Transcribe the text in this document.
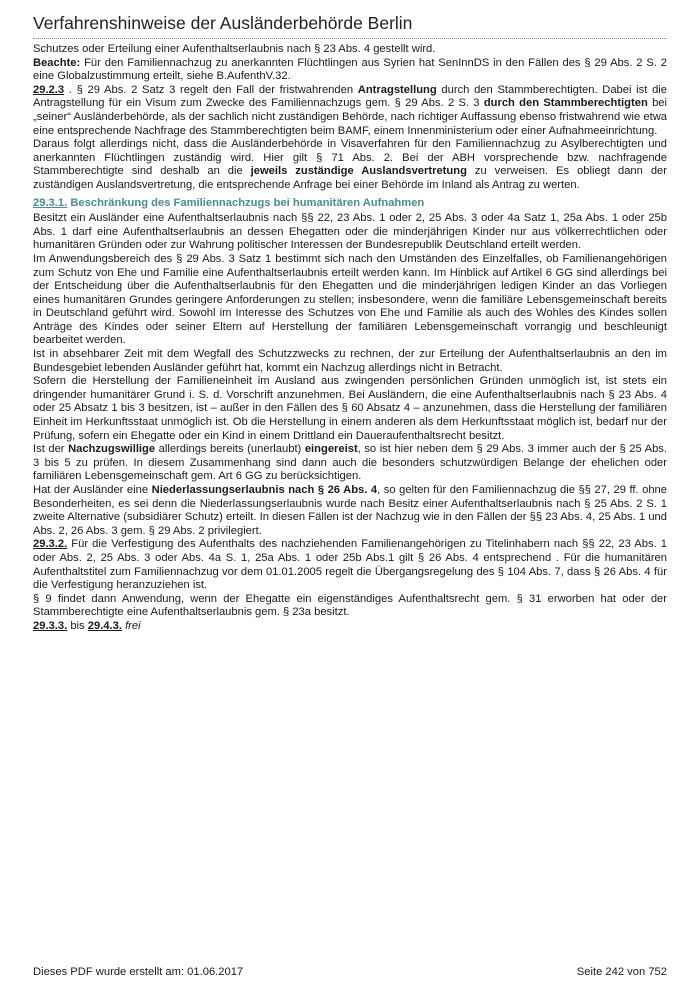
Verfahrenshinweise der Ausländerbehörde Berlin

Schutzes oder Erteilung einer Aufenthaltserlaubnis nach § 23 Abs. 4 gestellt wird.

Beachte: Für den Familiennachzug zu anerkannten Flüchtlingen aus Syrien hat SenInnDS in den Fällen des § 29 Abs. 2 S. 2 eine Globalzustimmung erteilt, siehe B.AufenthV.32.

29.2.3 . § 29 Abs. 2 Satz 3 regelt den Fall der fristwahrenden Antragstellung durch den Stammberechtigten. Dabei ist die Antragstellung für ein Visum zum Zwecke des Familiennachzugs gem. § 29 Abs. 2 S. 3 durch den Stammberechtigten bei „seiner“ Ausländerbehörde, als der sachlich nicht zuständigen Behörde, nach richtiger Auffassung ebenso fristwahrend wie etwa eine entsprechende Nachfrage des Stammberechtigten beim BAMF, einem Innenministerium oder einer Aufnahmeeinrichtung.

Daraus folgt allerdings nicht, dass die Ausländerbehörde in Visaverfahren für den Familiennachzug zu Asylberechtigten und anerkannten Flüchtlingen zuständig wird. Hier gilt § 71 Abs. 2. Bei der ABH vorsprechende bzw. nachfragende Stammberechtigte sind deshalb an die jeweils zuständige Auslandsvertretung zu verweisen. Es obliegt dann der zuständigen Auslandsvertretung, die entsprechende Anfrage bei einer Behörde im Inland als Antrag zu werten.

29.3.1. Beschränkung des Familiennachzugs bei humanitären Aufnahmen

Besitzt ein Ausländer eine Aufenthaltserlaubnis nach §§ 22, 23 Abs. 1 oder 2, 25 Abs. 3 oder 4a Satz 1, 25a Abs. 1 oder 25b Abs. 1 darf eine Aufenthaltserlaubnis an dessen Ehegatten oder die minderjährigen Kinder nur aus völkerrechtlichen oder humanitären Gründen oder zur Wahrung politischer Interessen der Bundesrepublik Deutschland erteilt werden.

Im Anwendungsbereich des § 29 Abs. 3 Satz 1 bestimmt sich nach den Umständen des Einzelfalles, ob Familienangehörigen zum Schutz von Ehe und Familie eine Aufenthaltserlaubnis erteilt werden kann. Im Hinblick auf Artikel 6 GG sind allerdings bei der Entscheidung über die Aufenthaltserlaubnis für den Ehegatten und die minderjährigen ledigen Kinder an das Vorliegen eines humanitären Grundes geringere Anforderungen zu stellen; insbesondere, wenn die familiäre Lebensgemeinschaft bereits in Deutschland geführt wird. Sowohl im Interesse des Schutzes von Ehe und Familie als auch des Wohles des Kindes sollen Anträge des Kindes oder seiner Eltern auf Herstellung der familiären Lebensgemeinschaft vorrangig und beschleunigt bearbeitet werden.

Ist in absehbarer Zeit mit dem Wegfall des Schutzzwecks zu rechnen, der zur Erteilung der Aufenthaltserlaubnis an den im Bundesgebiet lebenden Ausländer geführt hat, kommt ein Nachzug allerdings nicht in Betracht.

Sofern die Herstellung der Familieneinheit im Ausland aus zwingenden persönlichen Gründen unmöglich ist, ist stets ein dringender humanitärer Grund i. S. d. Vorschrift anzunehmen. Bei Ausländern, die eine Aufenthaltserlaubnis nach § 23 Abs. 4 oder 25 Absatz 1 bis 3 besitzen, ist – außer in den Fällen des § 60 Absatz 4 – anzunehmen, dass die Herstellung der familiären Einheit im Herkunftsstaat unmöglich ist. Ob die Herstellung in einem anderen als dem Herkunftsstaat möglich ist, bedarf nur der Prüfung, sofern ein Ehegatte oder ein Kind in einem Drittland ein Daueraufenthaltsrecht besitzt.

Ist der Nachzugswillige allerdings bereits (unerlaubt) eingereist, so ist hier neben dem § 29 Abs. 3 immer auch der § 25 Abs. 3 bis 5 zu prüfen. In diesem Zusammenhang sind dann auch die besonders schutzwürdigen Belange der ehelichen oder familiären Lebensgemeinschaft gem. Art 6 GG zu berücksichtigen.

Hat der Ausländer eine Niederlassungserlaubnis nach § 26 Abs. 4, so gelten für den Familiennachzug die §§ 27, 29 ff. ohne Besonderheiten, es sei denn die Niederlassungserlaubnis wurde nach Besitz einer Aufenthaltserlaubnis nach § 25 Abs. 2 S. 1 zweite Alternative (subsidiärer Schutz) erteilt. In diesen Fällen ist der Nachzug wie in den Fällen der §§ 23 Abs. 4, 25 Abs. 1 und Abs. 2, 26 Abs. 3 gem. § 29 Abs. 2 privilegiert.

29.3.2. Für die Verfestigung des Aufenthalts des nachziehenden Familienangehörigen zu Titelinhabern nach §§ 22, 23 Abs. 1 oder Abs. 2, 25 Abs. 3 oder Abs. 4a S. 1, 25a Abs. 1 oder 25b Abs.1 gilt § 26 Abs. 4 entsprechend . Für die humanitären Aufenthaltstitel zum Familiennachzug vor dem 01.01.2005 regelt die Übergangsregelung des § 104 Abs. 7, dass § 26 Abs. 4 für die Verfestigung heranzuziehen ist.

§ 9 findet dann Anwendung, wenn der Ehegatte ein eigenständiges Aufenthaltsrecht gem. § 31 erworben hat oder der Stammberechtigte eine Aufenthaltserlaubnis gem. § 23a besitzt.

29.3.3. bis 29.4.3. frei

Dieses PDF wurde erstellt am: 01.06.2017	Seite 242 von 752
